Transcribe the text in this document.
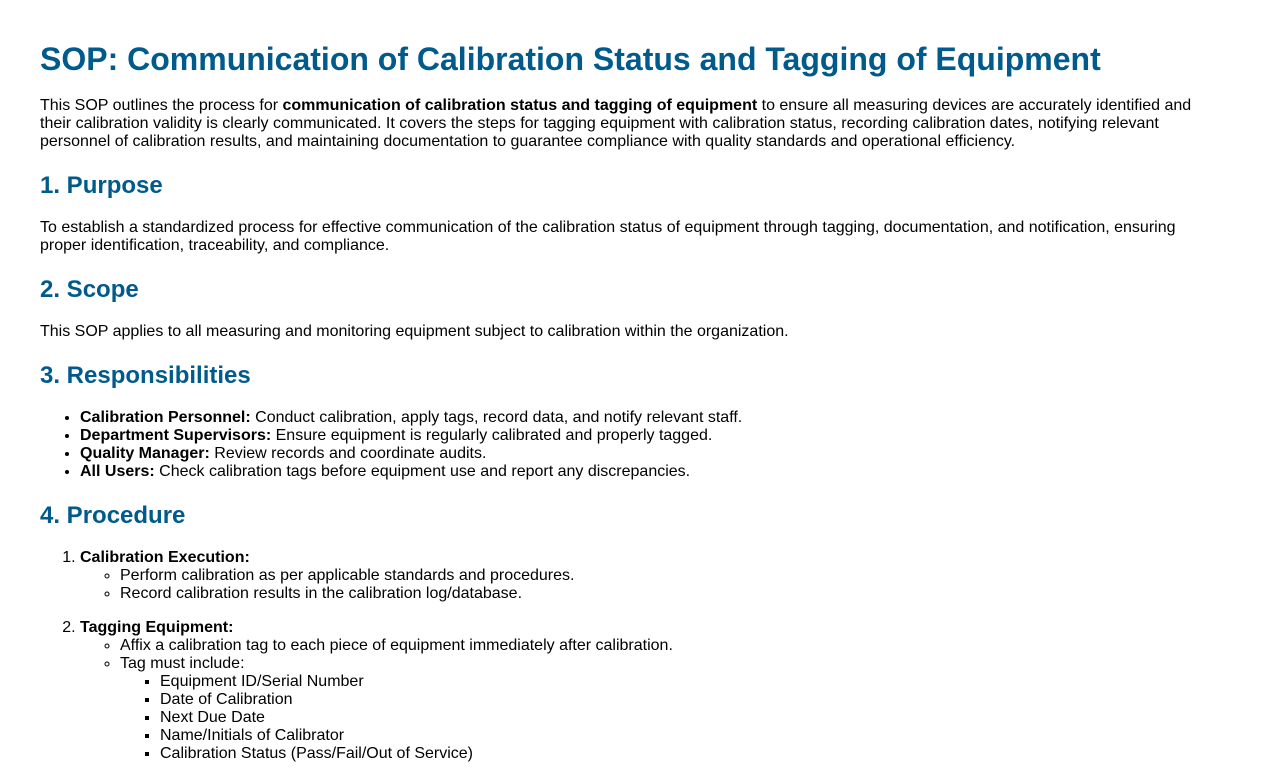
SOP: Communication of Calibration Status and Tagging of Equipment

This SOP outlines the process for communication of calibration status and tagging of equipment to ensure all measuring devices are accurately identified and their calibration validity is clearly communicated. It covers the steps for tagging equipment with calibration status, recording calibration dates, notifying relevant personnel of calibration results, and maintaining documentation to guarantee compliance with quality standards and operational efficiency.

1. Purpose

To establish a standardized process for effective communication of the calibration status of equipment through tagging, documentation, and notification, ensuring proper identification, traceability, and compliance.

2. Scope

This SOP applies to all measuring and monitoring equipment subject to calibration within the organization.

3. Responsibilities
• Calibration Personnel: Conduct calibration, apply tags, record data, and notify relevant staff.
• Department Supervisors: Ensure equipment is regularly calibrated and properly tagged.
• Quality Manager: Review records and coordinate audits.
• All Users: Check calibration tags before equipment use and report any discrepancies.
4. Procedure
1. Calibration Execution:
◦ Perform calibration as per applicable standards and procedures.
◦ Record calibration results in the calibration log/database.
2. Tagging Equipment:
◦ Affix a calibration tag to each piece of equipment immediately after calibration.
◦ Tag must include:
▪ Equipment ID/Serial Number
▪ Date of Calibration
▪ Next Due Date
▪ Name/Initials of Calibrator
▪ Calibration Status (Pass/Fail/Out of Service)
